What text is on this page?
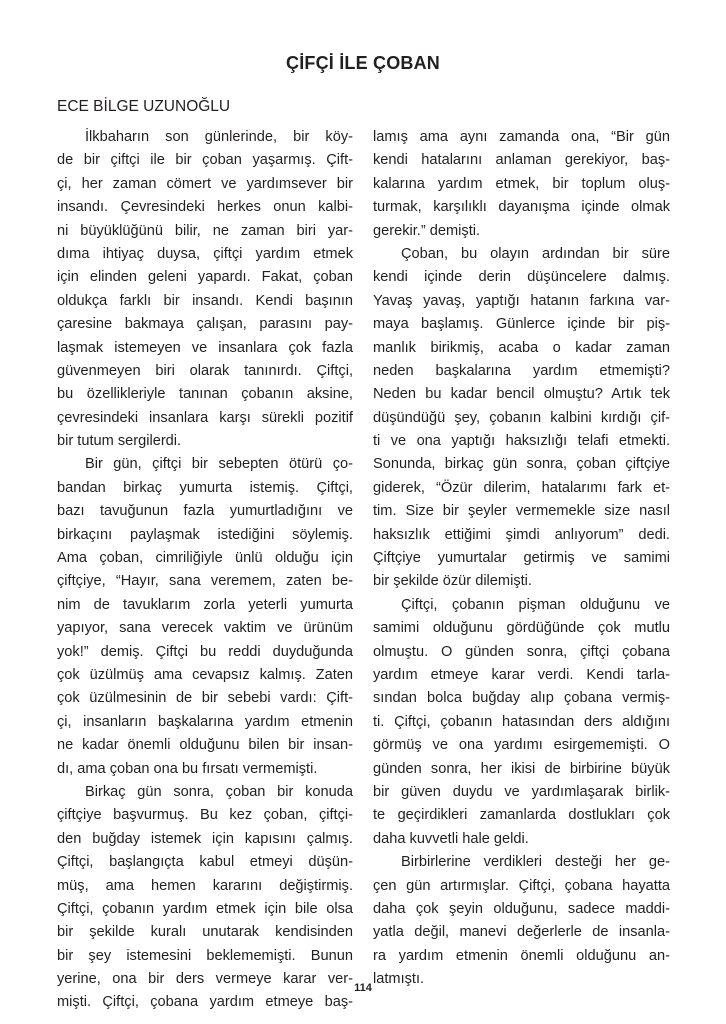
ÇİFÇİ İLE ÇOBAN
ECE BİLGE UZUNOĞLU
İlkbaharın son günlerinde, bir köy-
de bir çiftçi ile bir çoban yaşarmış. Çift-
çi, her zaman cömert ve yardımsever bir
insandı. Çevresindeki herkes onun kalbi-
ni büyüklüğünü bilir, ne zaman biri yar-
dıma ihtiyaç duysa, çiftçi yardım etmek
için elinden geleni yapardı. Fakat, çoban
oldukça farklı bir insandı. Kendi başının
çaresine bakmaya çalışan, parasını pay-
laşmak istemeyen ve insanlara çok fazla
güvenmeyen biri olarak tanınırdı. Çiftçi,
bu özellikleriyle tanınan çobanın aksine,
çevresindeki insanlara karşı sürekli pozitif
bir tutum sergilerdi.
Bir gün, çiftçi bir sebepten ötürü ço-
bandan birkaç yumurta istemiş. Çiftçi,
bazı tavuğunun fazla yumurtladığını ve
birkaçını paylaşmak istediğini söylemiş.
Ama çoban, cimriliğiyle ünlü olduğu için
çiftçiye, “Hayır, sana veremem, zaten be-
nim de tavuklarım zorla yeterli yumurta
yapıyor, sana verecek vaktim ve ürünüm
yok!” demiş. Çiftçi bu reddi duyduğunda
çok üzülmüş ama cevapsız kalmış. Zaten
çok üzülmesinin de bir sebebi vardı: Çift-
çi, insanların başkalarına yardım etmenin
ne kadar önemli olduğunu bilen bir insan-
dı, ama çoban ona bu fırsatı vermemişti.
Birkaç gün sonra, çoban bir konuda
çiftçiye başvurmuş. Bu kez çoban, çiftçi-
den buğday istemek için kapısını çalmış.
Çiftçi, başlangıçta kabul etmeyi düşün-
müş, ama hemen kararını değiştirmiş.
Çiftçi, çobanın yardım etmek için bile olsa
bir şekilde kuralı unutarak kendisinden
bir şey istemesini beklememişti. Bunun
yerine, ona bir ders vermeye karar ver-
mişti. Çiftçi, çobana yardım etmeye baş-
lamış ama aynı zamanda ona, “Bir gün
kendi hatalarını anlaman gerekiyor, baş-
kalarına yardım etmek, bir toplum oluş-
turmak, karşılıklı dayanışma içinde olmak
gerekir.” demişti.
Çoban, bu olayın ardından bir süre
kendi içinde derin düşüncelere dalmış.
Yavaş yavaş, yaptığı hatanın farkına var-
maya başlamış. Günlerce içinde bir piş-
manlık birikmiş, acaba o kadar zaman
neden başkalarına yardım etmemişti?
Neden bu kadar bencil olmuştu? Artık tek
düşündüğü şey, çobanın kalbini kırdığı çif-
ti ve ona yaptığı haksızlığı telafi etmekti.
Sonunda, birkaç gün sonra, çoban çiftçiye
giderek, “Özür dilerim, hatalarımı fark et-
tim. Size bir şeyler vermemekle size nasıl
haksızlık ettiğimi şimdi anlıyorum” dedi.
Çiftçiye yumurtalar getirmiş ve samimi
bir şekilde özür dilemişti.
Çiftçi, çobanın pişman olduğunu ve
samimi olduğunu gördüğünde çok mutlu
olmuştu. O günden sonra, çiftçi çobana
yardım etmeye karar verdi. Kendi tarla-
sından bolca buğday alıp çobana vermiş-
ti. Çiftçi, çobanın hatasından ders aldığını
görmüş ve ona yardımı esirgememişti. O
günden sonra, her ikisi de birbirine büyük
bir güven duydu ve yardımlaşarak birlik-
te geçirdikleri zamanlarda dostlukları çok
daha kuvvetli hale geldi.
Birbirlerine verdikleri desteği her ge-
çen gün artırmışlar. Çiftçi, çobana hayatta
daha çok şeyin olduğunu, sadece maddi-
yatla değil, manevi değerlerle de insanla-
ra yardım etmenin önemli olduğunu an-
latmıştı.
114
